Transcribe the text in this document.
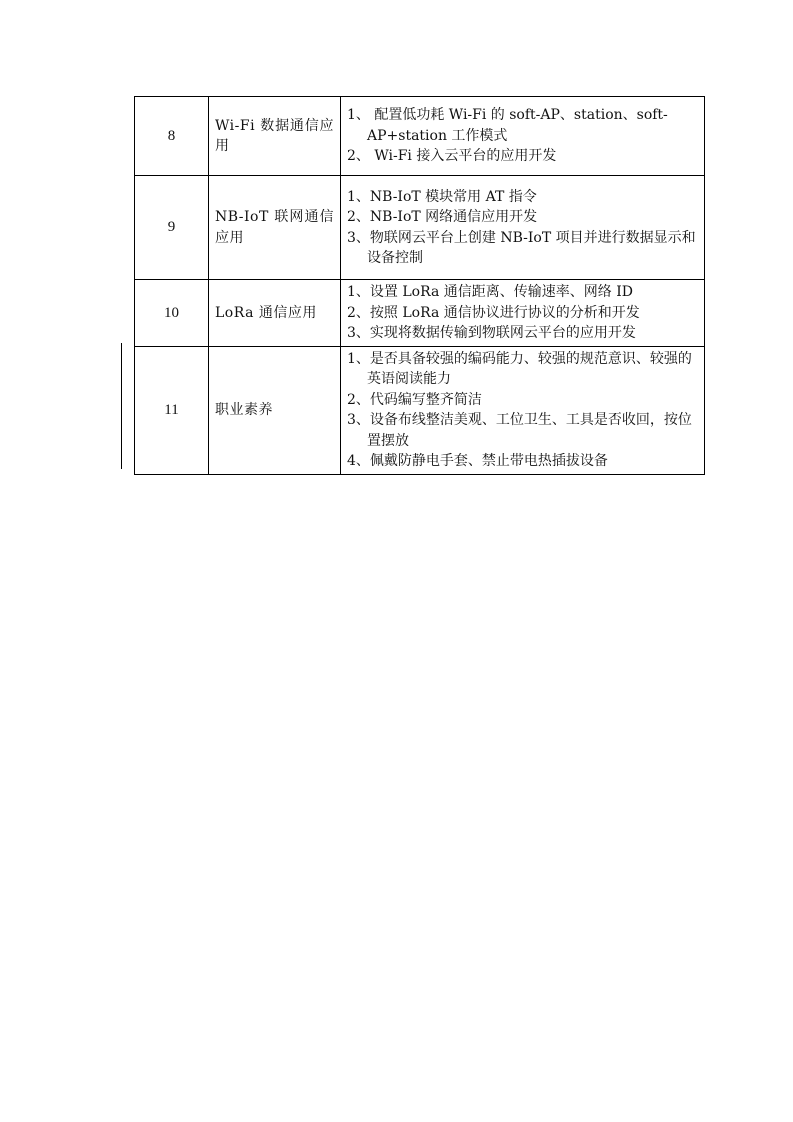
8	Wi-Fi 数据通信应用	1、 配置低功耗 Wi-Fi 的 soft-AP、station、soft-AP+station 工作模式
2、 Wi-Fi 接入云平台的应用开发

9	NB-IoT 联网通信应用	1、NB-IoT 模块常用 AT 指令
2、NB-IoT 网络通信应用开发
3、物联网云平台上创建 NB-IoT 项目并进行数据显示和设备控制

10	LoRa 通信应用	1、设置 LoRa 通信距离、传输速率、网络 ID
2、按照 LoRa 通信协议进行协议的分析和开发
3、实现将数据传输到物联网云平台的应用开发

11	职业素养	1、是否具备较强的编码能力、较强的规范意识、较强的英语阅读能力
2、代码编写整齐简洁
3、设备布线整洁美观、工位卫生、工具是否收回，按位置摆放
4、佩戴防静电手套、禁止带电热插拔设备
